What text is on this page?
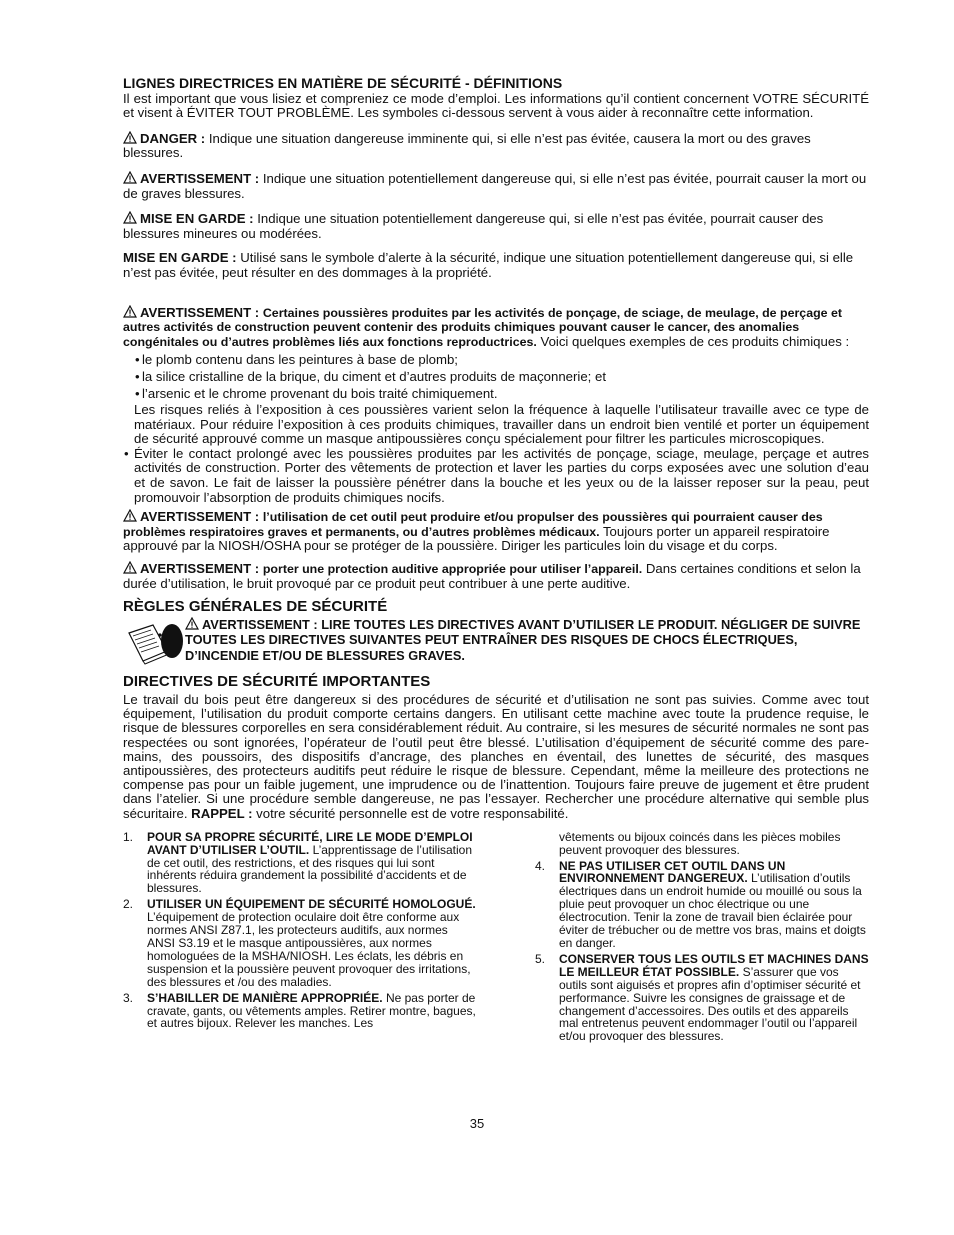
LIGNES DIRECTRICES EN MATIÈRE DE SÉCURITÉ - DÉFINITIONS

Il est important que vous lisiez et compreniez ce mode d’emploi. Les informations qu’il contient concernent VOTRE SÉCURITÉ et visent à ÉVITER TOUT PROBLÈME. Les symboles ci-dessous servent à vous aider à reconnaître cette information.

DANGER : Indique une situation dangereuse imminente qui, si elle n’est pas évitée, causera la mort ou des graves blessures.

AVERTISSEMENT : Indique une situation potentiellement dangereuse qui, si elle n’est pas évitée, pourrait causer la mort ou de graves blessures.

MISE EN GARDE : Indique une situation potentiellement dangereuse qui, si elle n’est pas évitée, pourrait causer des blessures mineures ou modérées.

MISE EN GARDE : Utilisé sans le symbole d’alerte à la sécurité, indique une situation potentiellement dangereuse qui, si elle n’est pas évitée, peut résulter en des dommages à la propriété.

AVERTISSEMENT : Certaines poussières produites par les activités de ponçage, de sciage, de meulage, de perçage et autres activités de construction peuvent contenir des produits chimiques pouvant causer le cancer, des anomalies congénitales ou d’autres problèmes liés aux fonctions reproductrices. Voici quelques exemples de ces produits chimiques :

• le plomb contenu dans les peintures à base de plomb;
• la silice cristalline de la brique, du ciment et d’autres produits de maçonnerie; et
• l’arsenic et le chrome provenant du bois traité chimiquement.

Les risques reliés à l’exposition à ces poussières varient selon la fréquence à laquelle l’utilisateur travaille avec ce type de matériaux. Pour réduire l’exposition à ces produits chimiques, travailler dans un endroit bien ventilé et porter un équipement de sécurité approuvé comme un masque antipoussières conçu spécialement pour filtrer les particules microscopiques.

• Éviter le contact prolongé avec les poussières produites par les activités de ponçage, sciage, meulage, perçage et autres activités de construction. Porter des vêtements de protection et laver les parties du corps exposées avec une solution d’eau et de savon. Le fait de laisser la poussière pénétrer dans la bouche et les yeux ou de la laisser reposer sur la peau, peut promouvoir l’absorption de produits chimiques nocifs.

AVERTISSEMENT : l’utilisation de cet outil peut produire et/ou propulser des poussières qui pourraient causer des problèmes respiratoires graves et permanents, ou d’autres problèmes médicaux. Toujours porter un appareil respiratoire approuvé par la NIOSH/OSHA pour se protéger de la poussière. Diriger les particules loin du visage et du corps.

AVERTISSEMENT : porter une protection auditive appropriée pour utiliser l’appareil. Dans certaines conditions et selon la durée d’utilisation, le bruit provoqué par ce produit peut contribuer à une perte auditive.

RÈGLES GÉNÉRALES DE SÉCURITÉ

AVERTISSEMENT : LIRE TOUTES LES DIRECTIVES AVANT D’UTILISER LE PRODUIT. NÉGLIGER DE SUIVRE TOUTES LES DIRECTIVES SUIVANTES PEUT ENTRAÎNER DES RISQUES DE CHOCS ÉLECTRIQUES, D’INCENDIE ET/OU DE BLESSURES GRAVES.

DIRECTIVES DE SÉCURITÉ IMPORTANTES

Le travail du bois peut être dangereux si des procédures de sécurité et d’utilisation ne sont pas suivies. Comme avec tout équipement, l’utilisation du produit comporte certains dangers. En utilisant cette machine avec toute la prudence requise, le risque de blessures corporelles en sera considérablement réduit. Au contraire, si les mesures de sécurité normales ne sont pas respectées ou sont ignorées, l’opérateur de l’outil peut être blessé. L’utilisation d’équipement de sécurité comme des pare-mains, des poussoirs, des dispositifs d’ancrage, des planches en éventail, des lunettes de sécurité, des masques antipoussières, des protecteurs auditifs peut réduire le risque de blessure. Cependant, même la meilleure des protections ne compense pas pour un faible jugement, une imprudence ou de l’inattention. Toujours faire preuve de jugement et être prudent dans l’atelier. Si une procédure semble dangereuse, ne pas l’essayer. Rechercher une procédure alternative qui semble plus sécuritaire. RAPPEL : votre sécurité personnelle est de votre responsabilité.

1.	POUR SA PROPRE SÉCURITÉ, LIRE LE MODE D’EMPLOI AVANT D’UTILISER L’OUTIL. L’apprentissage de l’utilisation de cet outil, des restrictions, et des risques qui lui sont inhérents réduira grandement la possibilité d’accidents et de blessures.
2.	UTILISER UN ÉQUIPEMENT DE SÉCURITÉ HOMOLOGUÉ. L’équipement de protection oculaire doit être conforme aux normes ANSI Z87.1, les protecteurs auditifs, aux normes ANSI S3.19 et le masque antipoussières, aux normes homologuées de la MSHA/NIOSH. Les éclats, les débris en suspension et la poussière peuvent provoquer des irritations, des blessures et /ou des maladies.
3.	S’HABILLER DE MANIÈRE APPROPRIÉE. Ne pas porter de cravate, gants, ou vêtements amples. Retirer montre, bagues, et autres bijoux. Relever les manches. Les
vêtements ou bijoux coincés dans les pièces mobiles peuvent provoquer des blessures.
4.	NE PAS UTILISER CET OUTIL DANS UN ENVIRONNEMENT DANGEREUX. L’utilisation d’outils électriques dans un endroit humide ou mouillé ou sous la pluie peut provoquer un choc électrique ou une électrocution. Tenir la zone de travail bien éclairée pour éviter de trébucher ou de mettre vos bras, mains et doigts en danger.
5.	CONSERVER TOUS LES OUTILS ET MACHINES DANS LE MEILLEUR ÉTAT POSSIBLE. S’assurer que vos outils sont aiguisés et propres afin d’optimiser sécurité et performance. Suivre les consignes de graissage et de changement d’accessoires. Des outils et des appareils mal entretenus peuvent endommager l’outil ou l’appareil et/ou provoquer des blessures.
35
